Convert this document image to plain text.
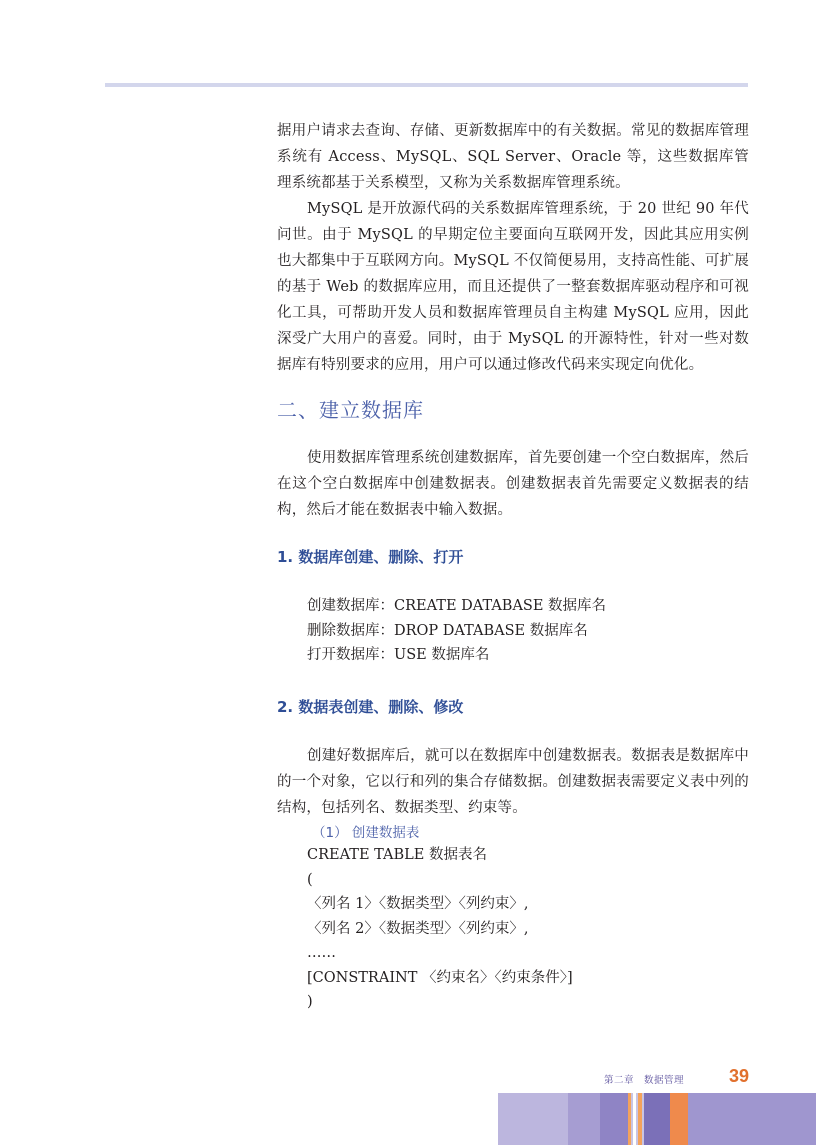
据用户请求去查询、存储、更新数据库中的有关数据。常见的数据库管理系统有 Access、MySQL、SQL Server、Oracle 等，这些数据库管理系统都基于关系模型，又称为关系数据库管理系统。

MySQL 是开放源代码的关系数据库管理系统，于 20 世纪 90 年代问世。由于 MySQL 的早期定位主要面向互联网开发，因此其应用实例也大都集中于互联网方向。MySQL 不仅简便易用，支持高性能、可扩展的基于 Web 的数据库应用，而且还提供了一整套数据库驱动程序和可视化工具，可帮助开发人员和数据库管理员自主构建 MySQL 应用，因此深受广大用户的喜爱。同时，由于 MySQL 的开源特性，针对一些对数据库有特别要求的应用，用户可以通过修改代码来实现定向优化。

二、建立数据库

使用数据库管理系统创建数据库，首先要创建一个空白数据库，然后在这个空白数据库中创建数据表。创建数据表首先需要定义数据表的结构，然后才能在数据表中输入数据。

1. 数据库创建、删除、打开
创建数据库：CREATE DATABASE 数据库名
删除数据库：DROP DATABASE 数据库名
打开数据库：USE 数据库名
2. 数据表创建、删除、修改

创建好数据库后，就可以在数据库中创建数据表。数据表是数据库中的一个对象，它以行和列的集合存储数据。创建数据表需要定义表中列的结构，包括列名、数据类型、约束等。

（1） 创建数据表
CREATE TABLE 数据表名
(
〈列名 1〉〈数据类型〉〈列约束〉,
〈列名 2〉〈数据类型〉〈列约束〉,
……
[CONSTRAINT 〈约束名〉〈约束条件〉]
)
第二章　数据管理 39
